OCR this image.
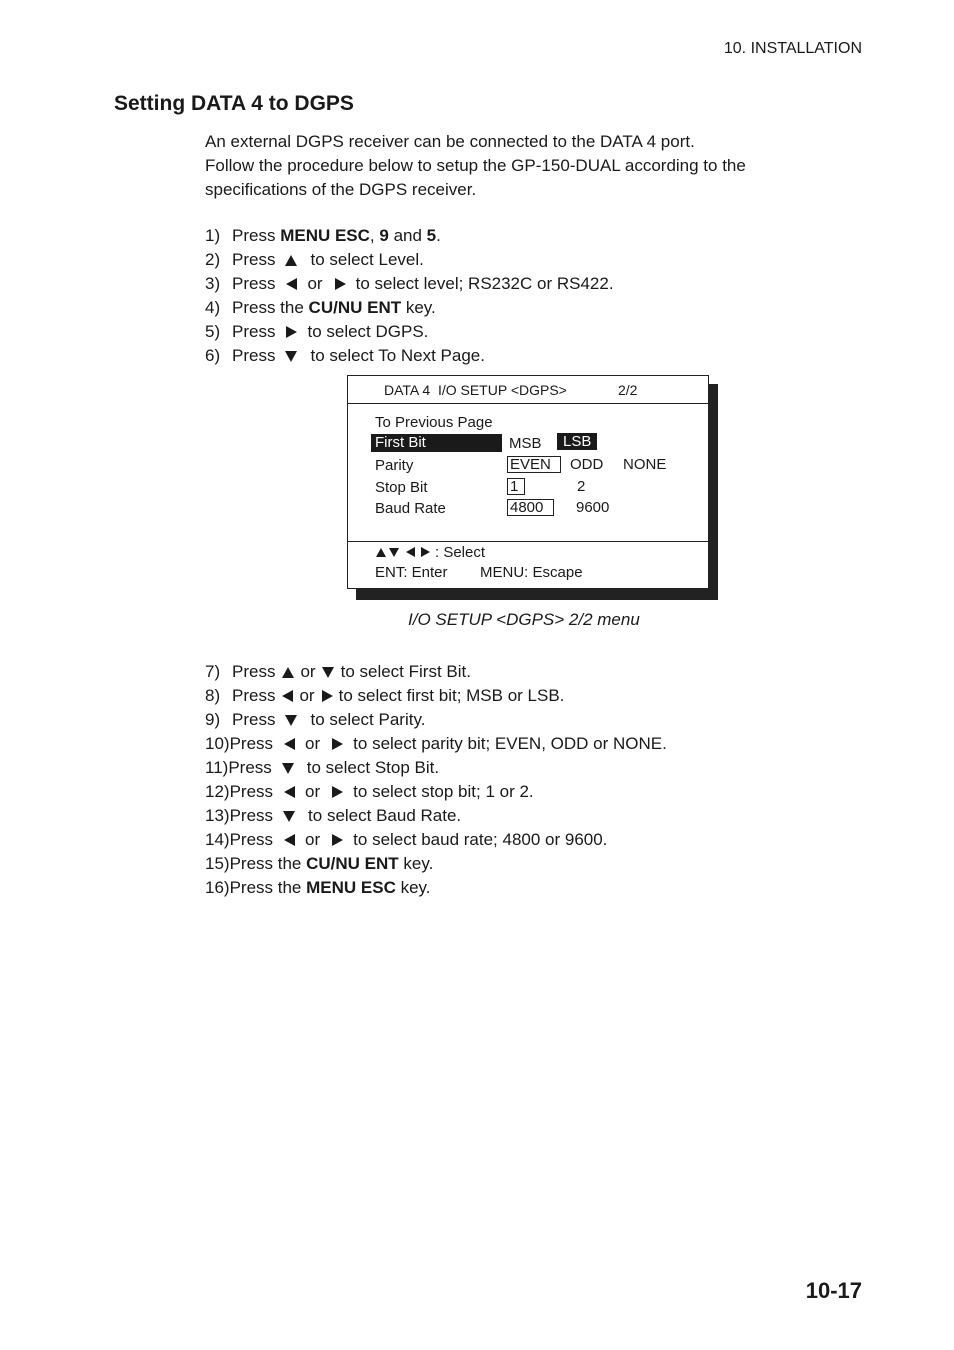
10. INSTALLATION
Setting DATA 4 to DGPS
An external DGPS receiver can be connected to the DATA 4 port.
Follow the procedure below to setup the GP-150-DUAL according to the
specifications of the DGPS receiver.
1) Press MENU ESC , 9 and 5 .
2) Press to select Level.
3) Press or to select level; RS232C or RS422.
4) Press the CU/NU ENT key.
5) Press to select DGPS.
6) Press to select To Next Page.
DATA 4  I/O SETUP <DGPS>	2/2
To Previous Page
First Bit	MSB	LSB
Parity	EVEN	ODD NONE
Stop Bit	1	2
Baud Rate	4800	9600
: Select
ENT: Enter MENU: Escape
I/O SETUP <DGPS> 2/2 menu
7) Press or to select First Bit.
8) Press or to select first bit; MSB or LSB.
9) Press to select Parity.
10) Press or to select parity bit; EVEN, ODD or NONE.
11) Press to select Stop Bit.
12) Press or to select stop bit; 1 or 2.
13) Press to select Baud Rate.
14) Press or to select baud rate; 4800 or 9600.
15) Press the CU/NU ENT key.
16) Press the MENU ESC key.
10-17
